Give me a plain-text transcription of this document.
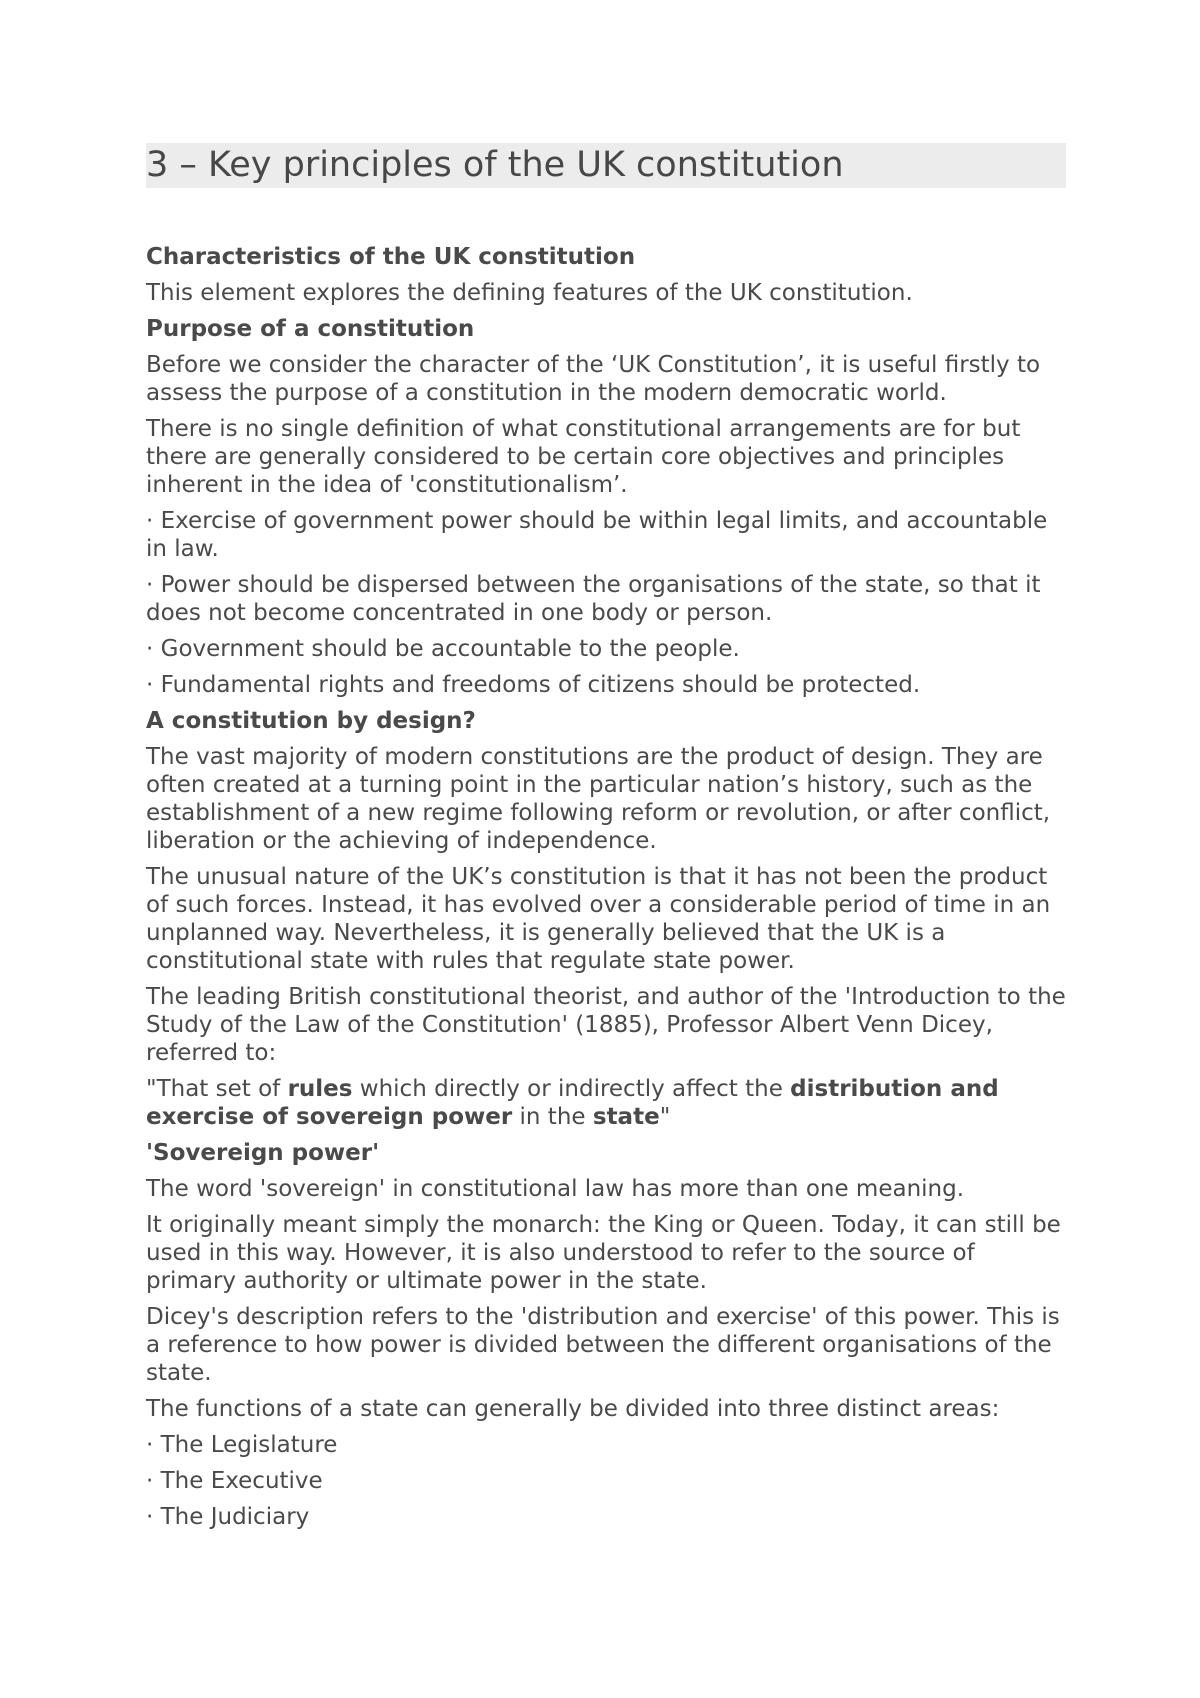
3 – Key principles of the UK constitution

Characteristics of the UK constitution

This element explores the defining features of the UK constitution.

Purpose of a constitution

Before we consider the character of the ‘UK Constitution’, it is useful firstly to assess the purpose of a constitution in the modern democratic world.

There is no single definition of what constitutional arrangements are for but there are generally considered to be certain core objectives and principles inherent in the idea of 'constitutionalism’.

· Exercise of government power should be within legal limits, and accountable in law.

· Power should be dispersed between the organisations of the state, so that it does not become concentrated in one body or person.

· Government should be accountable to the people.

· Fundamental rights and freedoms of citizens should be protected.

A constitution by design?

The vast majority of modern constitutions are the product of design. They are often created at a turning point in the particular nation’s history, such as the establishment of a new regime following reform or revolution, or after conflict, liberation or the achieving of independence.

The unusual nature of the UK’s constitution is that it has not been the product of such forces. Instead, it has evolved over a considerable period of time in an unplanned way. Nevertheless, it is generally believed that the UK is a constitutional state with rules that regulate state power.

The leading British constitutional theorist, and author of the 'Introduction to the Study of the Law of the Constitution' (1885), Professor Albert Venn Dicey, referred to:

"That set of rules which directly or indirectly affect the distribution and exercise of sovereign power in the state"

'Sovereign power'

The word 'sovereign' in constitutional law has more than one meaning.

It originally meant simply the monarch: the King or Queen. Today, it can still be used in this way. However, it is also understood to refer to the source of primary authority or ultimate power in the state.

Dicey's description refers to the 'distribution and exercise' of this power. This is a reference to how power is divided between the different organisations of the state.

The functions of a state can generally be divided into three distinct areas:

· The Legislature

· The Executive

· The Judiciary
